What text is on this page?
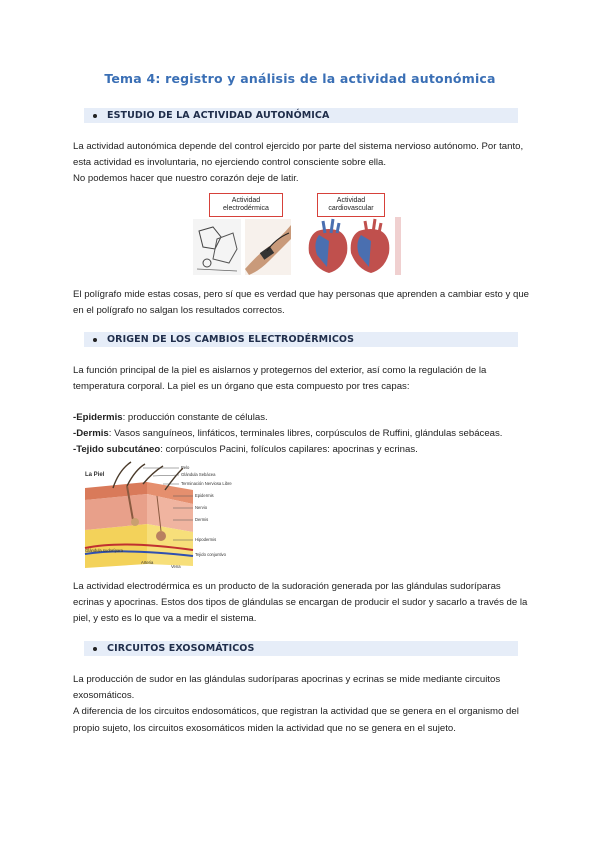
Tema 4: registro y análisis de la actividad autonómica
ESTUDIO DE LA ACTIVIDAD AUTONÓMICA

La actividad autonómica depende del control ejercido por parte del sistema nervioso autónomo. Por tanto, esta actividad es involuntaria, no ejerciendo control consciente sobre ella.

No podemos hacer que nuestro corazón deje de latir.

Actividad electrodérmica
Actividad cardiovascular

El polígrafo mide estas cosas, pero sí que es verdad que hay personas que aprenden a cambiar esto y que en el polígrafo no salgan los resultados correctos.

ORIGEN DE LOS CAMBIOS ELECTRODÉRMICOS

La función principal de la piel es aislarnos y protegernos del exterior, así como la regulación de la temperatura corporal. La piel es un órgano que esta compuesto por tres capas:

-Epidermis: producción constante de células.

-Dermis: Vasos sanguíneos, linfáticos, terminales libres, corpúsculos de Ruffini, glándulas sebáceas.

-Tejido subcutáneo: corpúsculos Pacini, folículos capilares: apocrinas y ecrinas.

La Piel
Pelo
Glándula Sebácea
Terminación Nerviosa Libre
Epidermis
Nervio
Dermis
Hipodermis
Arteria
Vena
Tejido conjuntivo
Glándula sudorípara

La actividad electrodérmica es un producto de la sudoración generada por las glándulas sudoríparas ecrinas y apocrinas. Estos dos tipos de glándulas se encargan de producir el sudor y sacarlo a través de la piel, y esto es lo que va a medir el sistema.

CIRCUITOS EXOSOMÁTICOS

La producción de sudor en las glándulas sudoríparas apocrinas y ecrinas se mide mediante circuitos exosomáticos.

A diferencia de los circuitos endosomáticos, que registran la actividad que se genera en el organismo del propio sujeto, los circuitos exosomáticos miden la actividad que no se genera en el sujeto.
